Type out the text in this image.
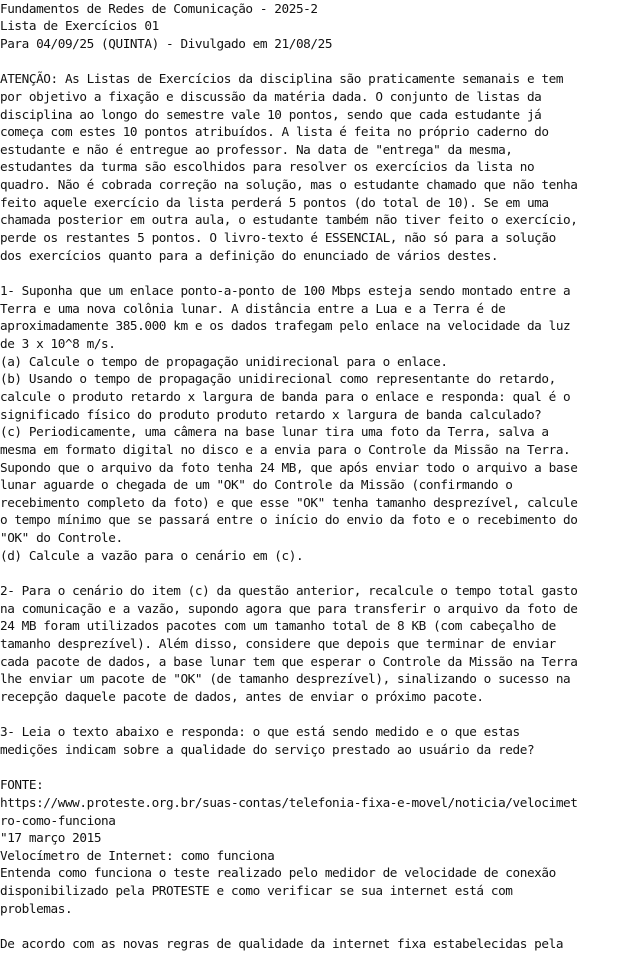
Fundamentos de Redes de Comunicação - 2025-2
Lista de Exercícios 01
Para 04/09/25 (QUINTA) - Divulgado em 21/08/25
ATENÇÃO: As Listas de Exercícios da disciplina são praticamente semanais e tem
por objetivo a fixação e discussão da matéria dada. O conjunto de listas da
disciplina ao longo do semestre vale 10 pontos, sendo que cada estudante já
começa com estes 10 pontos atribuídos. A lista é feita no próprio caderno do
estudante e não é entregue ao professor. Na data de "entrega" da mesma,
estudantes da turma são escolhidos para resolver os exercícios da lista no
quadro. Não é cobrada correção na solução, mas o estudante chamado que não tenha
feito aquele exercício da lista perderá 5 pontos (do total de 10). Se em uma
chamada posterior em outra aula, o estudante também não tiver feito o exercício,
perde os restantes 5 pontos. O livro-texto é ESSENCIAL, não só para a solução
dos exercícios quanto para a definição do enunciado de vários destes.
1- Suponha que um enlace ponto-a-ponto de 100 Mbps esteja sendo montado entre a
Terra e uma nova colônia lunar. A distância entre a Lua e a Terra é de
aproximadamente 385.000 km e os dados trafegam pelo enlace na velocidade da luz
de 3 x 10^8 m/s.
(a) Calcule o tempo de propagação unidirecional para o enlace.
(b) Usando o tempo de propagação unidirecional como representante do retardo,
calcule o produto retardo x largura de banda para o enlace e responda: qual é o
significado físico do produto produto retardo x largura de banda calculado?
(c) Periodicamente, uma câmera na base lunar tira uma foto da Terra, salva a
mesma em formato digital no disco e a envia para o Controle da Missão na Terra.
Supondo que o arquivo da foto tenha 24 MB, que após enviar todo o arquivo a base
lunar aguarde o chegada de um "OK" do Controle da Missão (confirmando o
recebimento completo da foto) e que esse "OK" tenha tamanho desprezível, calcule
o tempo mínimo que se passará entre o início do envio da foto e o recebimento do
"OK" do Controle.
(d) Calcule a vazão para o cenário em (c).
2- Para o cenário do item (c) da questão anterior, recalcule o tempo total gasto
na comunicação e a vazão, supondo agora que para transferir o arquivo da foto de
24 MB foram utilizados pacotes com um tamanho total de 8 KB (com cabeçalho de
tamanho desprezível). Além disso, considere que depois que terminar de enviar
cada pacote de dados, a base lunar tem que esperar o Controle da Missão na Terra
lhe enviar um pacote de "OK" (de tamanho desprezível), sinalizando o sucesso na
recepção daquele pacote de dados, antes de enviar o próximo pacote.
3- Leia o texto abaixo e responda: o que está sendo medido e o que estas
medições indicam sobre a qualidade do serviço prestado ao usuário da rede?
FONTE:
https://www.proteste.org.br/suas-contas/telefonia-fixa-e-movel/noticia/velocimet
ro-como-funciona
"17 março 2015
Velocímetro de Internet: como funciona
Entenda como funciona o teste realizado pelo medidor de velocidade de conexão
disponibilizado pela PROTESTE e como verificar se sua internet está com
problemas.
De acordo com as novas regras de qualidade da internet fixa estabelecidas pela
